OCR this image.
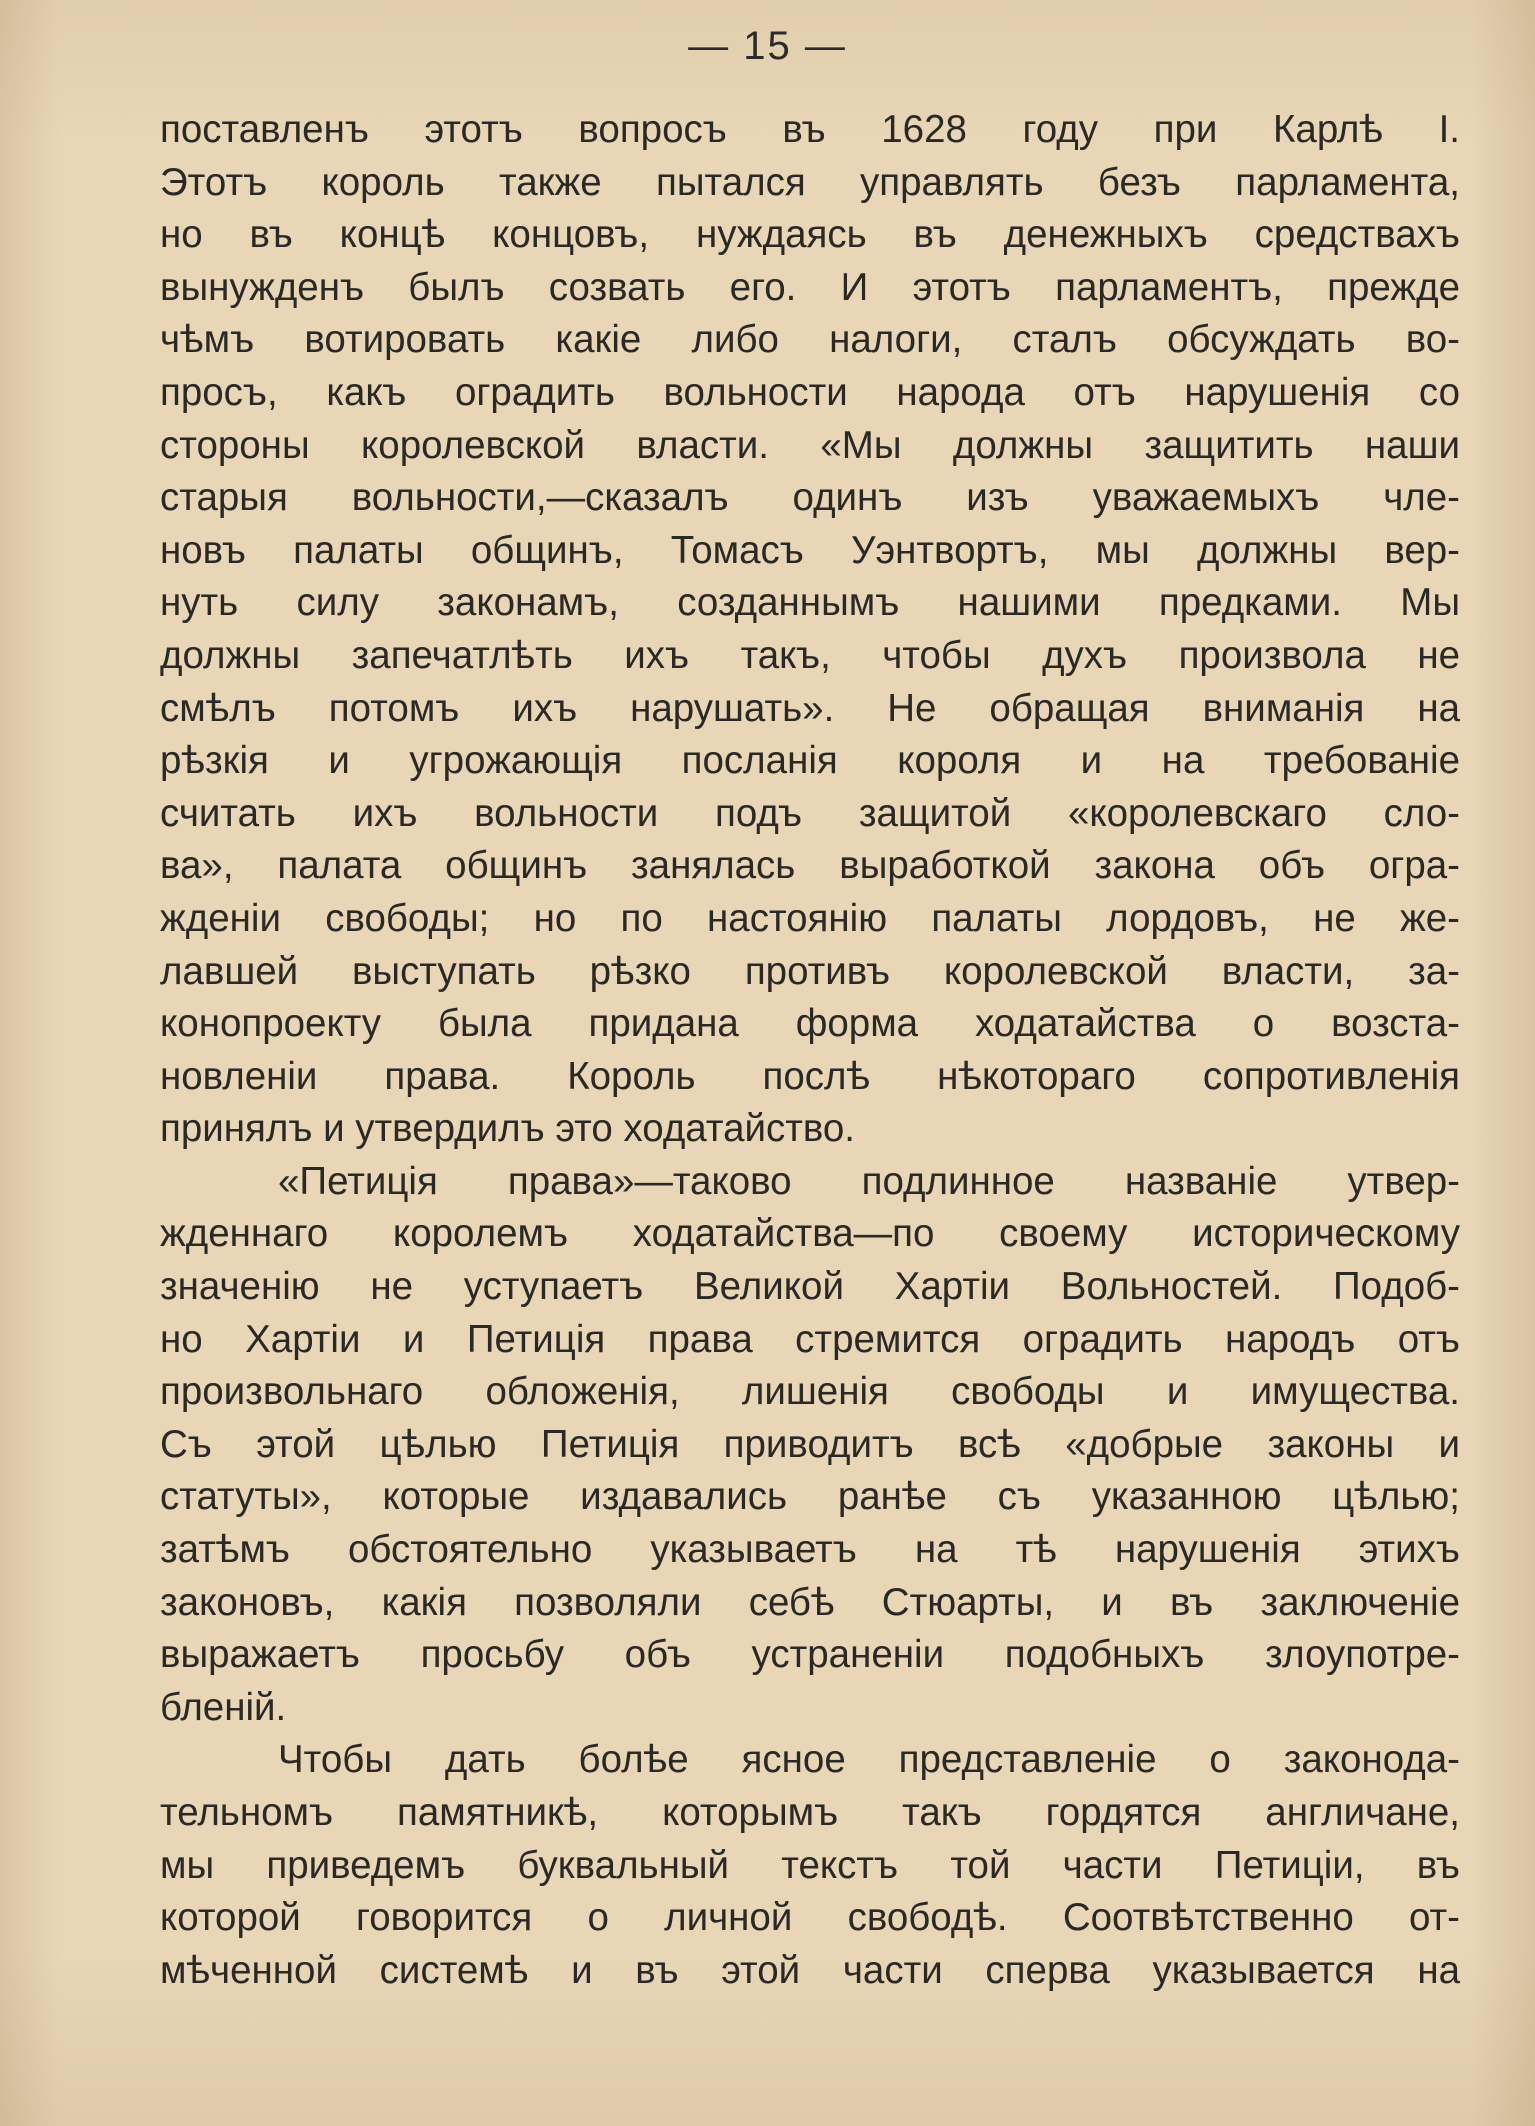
— 15 —
поставленъ этотъ вопросъ въ 1628 году при Карлѣ I.
Этотъ король также пытался управлять безъ парламента,
но въ концѣ концовъ, нуждаясь въ денежныхъ средствахъ
вынужденъ былъ созвать его. И этотъ парламентъ, прежде
чѣмъ вотировать какіе либо налоги, сталъ обсуждать во-
просъ, какъ оградить вольности народа отъ нарушенія со
стороны королевской власти. «Мы должны защитить наши
старыя вольности,—сказалъ одинъ изъ уважаемыхъ чле-
новъ палаты общинъ, Томасъ Уэнтвортъ, мы должны вер-
нуть силу законамъ, созданнымъ нашими предками. Мы
должны запечатлѣть ихъ такъ, чтобы духъ произвола не
смѣлъ потомъ ихъ нарушать». Не обращая вниманія на
рѣзкія и угрожающія посланія короля и на требованіе
считать ихъ вольности подъ защитой «королевскаго сло-
ва», палата общинъ занялась выработкой закона объ огра-
жденіи свободы; но по настоянію палаты лордовъ, не же-
лавшей выступать рѣзко противъ королевской власти, за-
конопроекту была придана форма ходатайства о возста-
новленіи права. Король послѣ нѣкотораго сопротивленія
принялъ и утвердилъ это ходатайство.
«Петиція права»—таково подлинное названіе утвер-
жденнаго королемъ ходатайства—по своему историческому
значенію не уступаетъ Великой Хартіи Вольностей. Подоб-
но Хартіи и Петиція права стремится оградить народъ отъ
произвольнаго обложенія, лишенія свободы и имущества.
Съ этой цѣлью Петиція приводитъ всѣ «добрые законы и
статуты», которые издавались ранѣе съ указанною цѣлью;
затѣмъ обстоятельно указываетъ на тѣ нарушенія этихъ
законовъ, какія позволяли себѣ Стюарты, и въ заключеніе
выражаетъ просьбу объ устраненіи подобныхъ злоупотре-
бленій.
Чтобы дать болѣе ясное представленіе о законода-
тельномъ памятникѣ, которымъ такъ гордятся англичане,
мы приведемъ буквальный текстъ той части Петиціи, въ
которой говорится о личной свободѣ. Соотвѣтственно от-
мѣченной системѣ и въ этой части сперва указывается на
